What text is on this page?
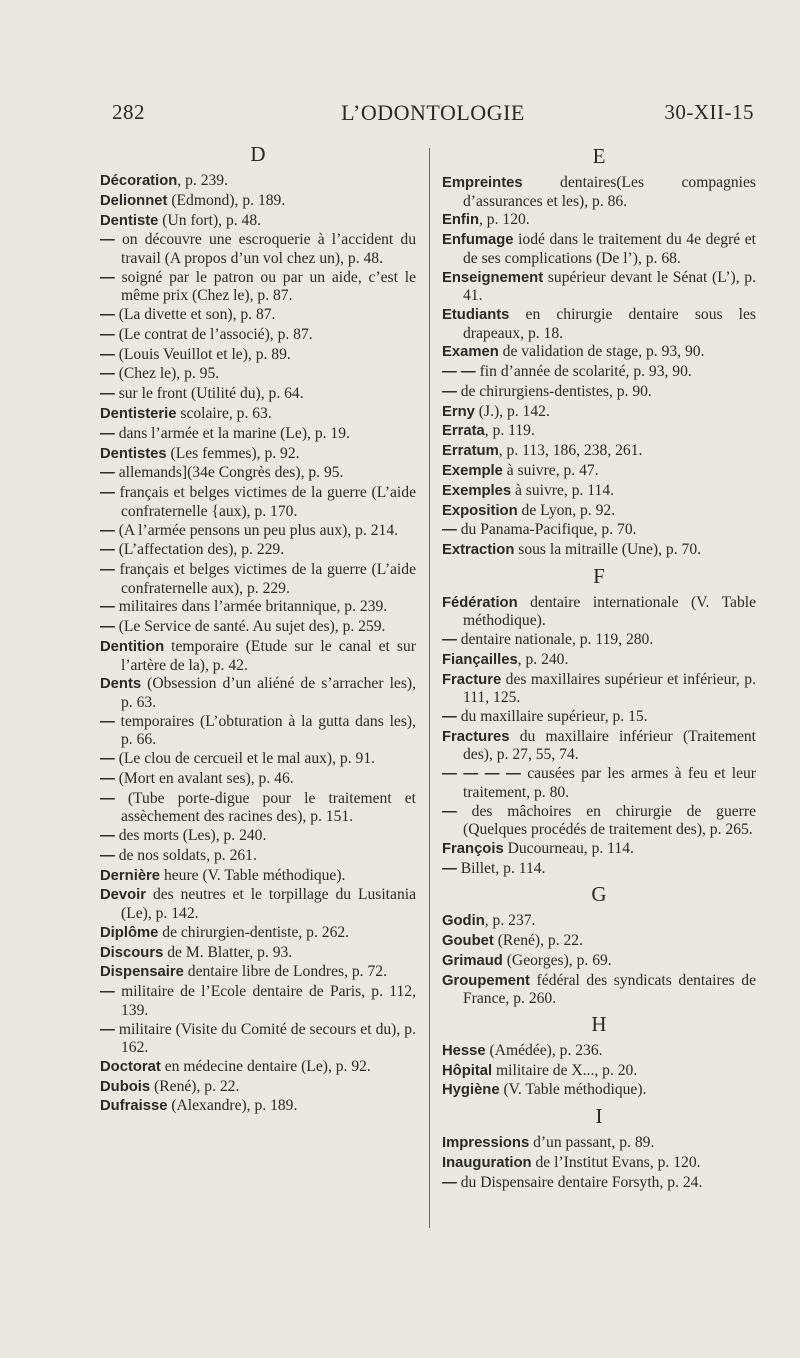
282	L’ODONTOLOGIE	30-XII-15
D
Décoration, p. 239.
Delionnet (Edmond), p. 189.
Dentiste (Un fort), p. 48.
— on découvre une escroquerie à l’accident du travail (A propos d’un vol chez un), p. 48.
— soigné par le patron ou par un aide, c’est le même prix (Chez le), p. 87.
— (La divette et son), p. 87.
— (Le contrat de l’associé), p. 87.
— (Louis Veuillot et le), p. 89.
— (Chez le), p. 95.
— sur le front (Utilité du), p. 64.
Dentisterie scolaire, p. 63.
— dans l’armée et la marine (Le), p. 19.
Dentistes (Les femmes), p. 92.
— allemands](34e Congrès des), p. 95.
— français et belges victimes de la guerre (L’aide confraternelle {aux), p. 170.
— (A l’armée pensons un peu plus aux), p. 214.
— (L’affectation des), p. 229.
— français et belges victimes de la guerre (L’aide confraternelle aux), p. 229.
— militaires dans l’armée britannique, p. 239.
— (Le Service de santé. Au sujet des), p. 259.
Dentition temporaire (Etude sur le canal et sur l’artère de la), p. 42.
Dents (Obsession d’un aliéné de s’arracher les), p. 63.
— temporaires (L’obturation à la gutta dans les), p. 66.
— (Le clou de cercueil et le mal aux), p. 91.
— (Mort en avalant ses), p. 46.
— (Tube porte-digue pour le traitement et assèchement des racines des), p. 151.
— des morts (Les), p. 240.
— de nos soldats, p. 261.
Dernière heure (V. Table méthodique).
Devoir des neutres et le torpillage du Lusitania (Le), p. 142.
Diplôme de chirurgien-dentiste, p. 262.
Discours de M. Blatter, p. 93.
Dispensaire dentaire libre de Londres, p. 72.
— militaire de l’Ecole dentaire de Paris, p. 112, 139.
— militaire (Visite du Comité de secours et du), p. 162.
Doctorat en médecine dentaire (Le), p. 92.
Dubois (René), p. 22.
Dufraisse (Alexandre), p. 189.
E
Empreintes dentaires(Les compagnies d’assurances et les), p. 86.
Enfin, p. 120.
Enfumage iodé dans le traitement du 4e degré et de ses complications (De l’), p. 68.
Enseignement supérieur devant le Sénat (L’), p. 41.
Etudiants en chirurgie dentaire sous les drapeaux, p. 18.
Examen de validation de stage, p. 93, 90.
— — fin d’année de scolarité, p. 93, 90.
— de chirurgiens-dentistes, p. 90.
Erny (J.), p. 142.
Errata, p. 119.
Erratum, p. 113, 186, 238, 261.
Exemple à suivre, p. 47.
Exemples à suivre, p. 114.
Exposition de Lyon, p. 92.
— du Panama-Pacifique, p. 70.
Extraction sous la mitraille (Une), p. 70.
F
Fédération dentaire internationale (V. Table méthodique).
— dentaire nationale, p. 119, 280.
Fiançailles, p. 240.
Fracture des maxillaires supérieur et inférieur, p. 111, 125.
— du maxillaire supérieur, p. 15.
Fractures du maxillaire inférieur (Traitement des), p. 27, 55, 74.
— — — — causées par les armes à feu et leur traitement, p. 80.
— des mâchoires en chirurgie de guerre (Quelques procédés de traitement des), p. 265.
François Ducourneau, p. 114.
— Billet, p. 114.
G
Godin, p. 237.
Goubet (René), p. 22.
Grimaud (Georges), p. 69.
Groupement fédéral des syndicats dentaires de France, p. 260.
H
Hesse (Amédée), p. 236.
Hôpital militaire de X..., p. 20.
Hygiène (V. Table méthodique).
I
Impressions d’un passant, p. 89.
Inauguration de l’Institut Evans, p. 120.
— du Dispensaire dentaire Forsyth, p. 24.
